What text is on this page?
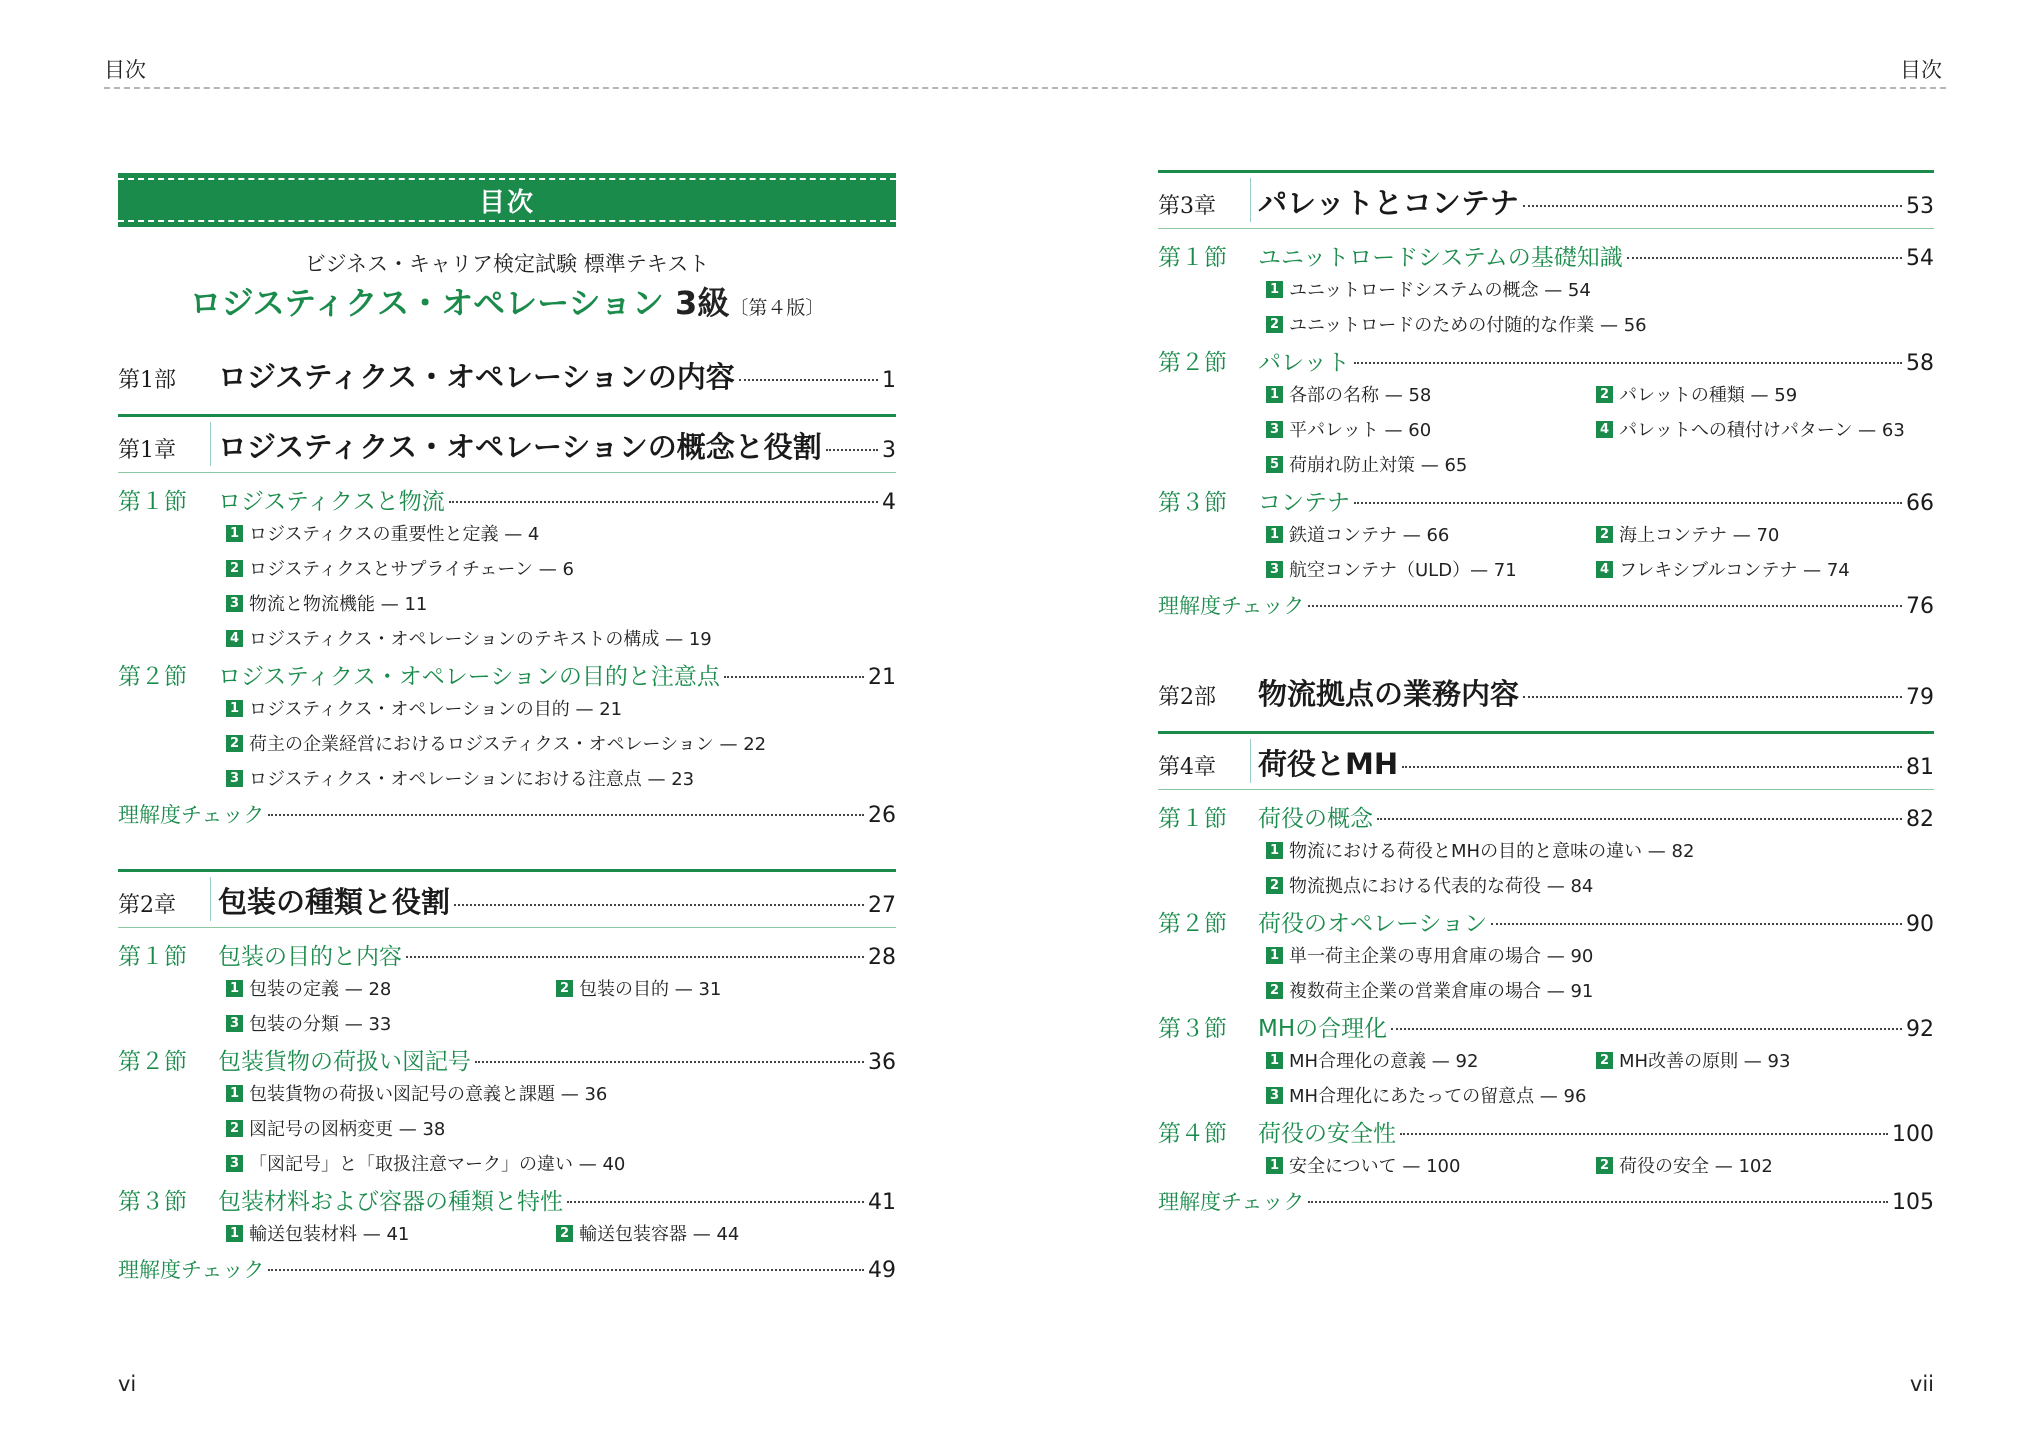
目次	目次
目次
ビジネス・キャリア検定試験 標準テキスト
ロジスティクス・オペレーション 3級〔第４版〕
第1部 ロジスティクス・オペレーションの内容	1
第1章 ロジスティクス・オペレーションの概念と役割	3
第１節 ロジスティクスと物流	4
1 ロジスティクスの重要性と定義 — 4
2 ロジスティクスとサプライチェーン — 6
3 物流と物流機能 — 11
4 ロジスティクス・オペレーションのテキストの構成 — 19
第２節 ロジスティクス・オペレーションの目的と注意点	21
1 ロジスティクス・オペレーションの目的 — 21
2 荷主の企業経営におけるロジスティクス・オペレーション — 22
3 ロジスティクス・オペレーションにおける注意点 — 23
理解度チェック	26
第2章 包装の種類と役割	27
第１節 包装の目的と内容	28
1 包装の定義 — 28	2 包装の目的 — 31
3 包装の分類 — 33
第２節 包装貨物の荷扱い図記号	36
1 包装貨物の荷扱い図記号の意義と課題 — 36
2 図記号の図柄変更 — 38
3 「図記号」と「取扱注意マーク」の違い — 40
第３節 包装材料および容器の種類と特性	41
1 輸送包装材料 — 41	2 輸送包装容器 — 44
理解度チェック	49
第3章 パレットとコンテナ	53
第１節 ユニットロードシステムの基礎知識	54
1 ユニットロードシステムの概念 — 54
2 ユニットロードのための付随的な作業 — 56
第２節 パレット	58
1 各部の名称 — 58	2 パレットの種類 — 59
3 平パレット — 60	4 パレットへの積付けパターン — 63
5 荷崩れ防止対策 — 65
第３節 コンテナ	66
1 鉄道コンテナ — 66	2 海上コンテナ — 70
3 航空コンテナ（ULD）— 71	4 フレキシブルコンテナ — 74
理解度チェック	76
第2部 物流拠点の業務内容	79
第4章 荷役とMH	81
第１節 荷役の概念	82
1 物流における荷役とMHの目的と意味の違い — 82
2 物流拠点における代表的な荷役 — 84
第２節 荷役のオペレーション	90
1 単一荷主企業の専用倉庫の場合 — 90
2 複数荷主企業の営業倉庫の場合 — 91
第３節 MHの合理化	92
1 MH合理化の意義 — 92	2 MH改善の原則 — 93
3 MH合理化にあたっての留意点 — 96
第４節 荷役の安全性	100
1 安全について — 100	2 荷役の安全 — 102
理解度チェック	105
vi	vii
